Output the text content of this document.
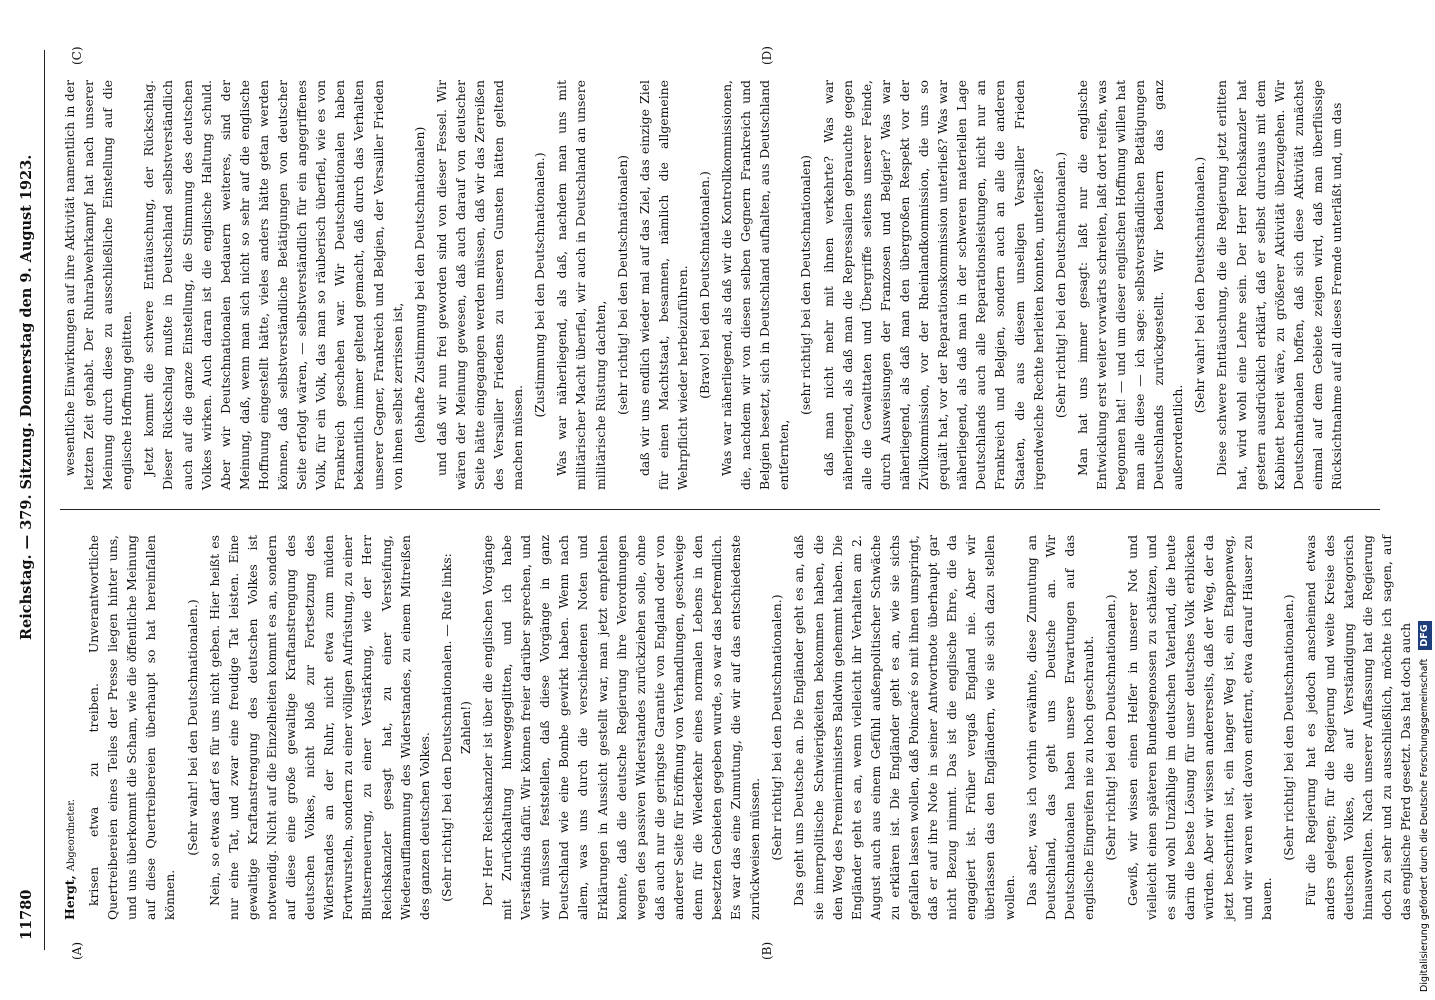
11780
Reichstag. — 379. Sitzung. Donnerstag den 9. August 1923.
(A)	(B)
(C)	(D)

Hergt, Abgeordneter. krisen etwa zu treiben. Unverantwortliche Quertreibereien eines Teiles der Presse liegen hinter uns, und uns überkommt die Scham, wie die öffentliche Meinung auf diese Quertreibereien überhaupt so hat hereinfallen können.

(Sehr wahr! bei den Deutschnationalen.) Nein, so etwas darf es für uns nicht geben. Hier heißt es nur eine Tat, und zwar eine freudige Tat leisten. Eine gewaltige Kraftanstrengung des deutschen Volkes ist notwendig. Nicht auf die Einzelheiten kommt es an, sondern auf diese eine große gewaltige Kraftanstrengung des deutschen Volkes, nicht bloß zur Fortsetzung des Widerstandes an der Ruhr, nicht etwa zum müden Fortwursteln, sondern zu einer völligen Aufrüstung, zu einer Blutserneuerung, zu einer Verstärkung, wie der Herr Reichskanzler gesagt hat, zu einer Versteifung, Wiederaufflammung des Widerstandes, zu einem Mitreißen des ganzen deutschen Volkes. (Sehr richtig! bei den Deutschnationalen. — Rufe links: Zahlen!) Der Herr Reichskanzler ist über die englischen Vorgänge mit Zurückhaltung hinweggeglitten, und ich habe Verständnis dafür. Wir können freier darüber sprechen, und wir müssen feststellen, daß diese Vorgänge in ganz Deutschland wie eine Bombe gewirkt haben. Wenn nach allem, was uns durch die verschiedenen Noten und Erklärungen in Aussicht gestellt war, man jetzt empfehlen konnte, daß die deutsche Regierung ihre Verordnungen wegen des passiven Widerstandes zurückziehen solle, ohne daß auch nur die geringste Garantie von England oder von anderer Seite für Eröffnung von Verhandlungen, geschweige denn für die Wiederkehr eines normalen Lebens in den besetzten Gebieten gegeben wurde, so war das befremdlich. Es war das eine Zumutung, die wir auf das entschiedenste zurückweisen müssen. (Sehr richtig! bei den Deutschnationalen.) Das geht uns Deutsche an. Die Engländer geht es an, daß sie innerpolitische Schwierigkeiten bekommen haben, die den Weg des Premierministers Baldwin gehemmt haben. Die Engländer geht es an, wenn vielleicht ihr Verhalten am 2. August auch aus einem Gefühl außenpolitischer Schwäche zu erklären ist. Die Engländer geht es an, wie sie sichs gefallen lassen wollen, daß Poincaré so mit ihnen umspringt, daß er auf ihre Note in seiner Antwortnote überhaupt gar nicht Bezug nimmt. Das ist die englische Ehre, die da engagiert ist. Früher vergaß England nie. Aber wir überlassen das den Engländern, wie sie sich dazu stellen wollen. Das aber, was ich vorhin erwähnte, diese Zumutung an Deutschland, das geht uns Deutsche an. Wir Deutschnationalen haben unsere Erwartungen auf das englische Eingreifen nie zu hoch geschraubt. (Sehr richtig! bei den Deutschnationalen.) Gewiß, wir wissen einen Helfer in unserer Not und vielleicht einen späteren Bundesgenossen zu schätzen, und es sind wohl Unzählige im deutschen Vaterland, die heute darin die beste Lösung für unser deutsches Volk erblicken würden. Aber wir wissen andererseits, daß der Weg, der da jetzt beschritten ist, ein langer Weg ist, ein Etappenweg, und wir waren weit davon entfernt, etwa darauf Häuser zu bauen.

(Sehr richtig! bei den Deutschnationalen.) Für die Regierung hat es jedoch anscheinend etwas anders gelegen; für die Regierung und weite Kreise des deutschen Volkes, die auf Verständigung kategorisch hinauswollten. Nach unserer Auffassung hat die Regierung doch zu sehr und zu ausschließlich, möchte ich sagen, auf das englische Pferd gesetzt. Das hat doch auch

wesentliche Einwirkungen auf ihre Aktivität namentlich in der letzten Zeit gehabt. Der Ruhrabwehrkampf hat nach unserer Meinung durch diese zu ausschließliche Einstellung auf die englische Hoffnung gelitten. Jetzt kommt die schwere Enttäuschung, der Rückschlag. Dieser Rückschlag mußte in Deutschland selbstverständlich auch auf die ganze Einstellung, die Stimmung des deutschen Volkes wirken. Auch daran ist die englische Haltung schuld. Aber wir Deutschnationalen bedauern weiteres, sind der Meinung, daß, wenn man sich nicht so sehr auf die englische Hoffnung eingestellt hätte, vieles anders hätte getan werden können, daß selbstverständliche Betätigungen von deutscher Seite erfolgt wären, — selbstverständlich für ein angegriffenes Volk, für ein Volk, das man so räuberisch überfiel, wie es von Frankreich geschehen war. Wir Deutschnationalen haben bekanntlich immer geltend gemacht, daß durch das Verhalten unserer Gegner, Frankreich und Belgien, der Versailler Frieden von ihnen selbst zerrissen ist, (lebhafte Zustimmung bei den Deutschnationalen) und daß wir nun frei geworden sind von dieser Fessel. Wir wären der Meinung gewesen, daß auch darauf von deutscher Seite hätte eingegangen werden müssen, daß wir das Zerreißen des Versailler Friedens zu unseren Gunsten hätten geltend machen müssen.

(Zustimmung bei den Deutschnationalen.) Was war näherliegend, als daß, nachdem man uns mit militärischer Macht überfiel, wir auch in Deutschland an unsere militärische Rüstung dachten, (sehr richtig! bei den Deutschnationalen) daß wir uns endlich wieder mal auf das Ziel, das einzige Ziel für einen Machtstaat, besannen, nämlich die allgemeine Wehrpflicht wieder herbeizuführen. (Bravo! bei den Deutschnationalen.) Was war näherliegend, als daß wir die Kontrollkommissionen, die, nachdem wir von diesen selben Gegnern Frankreich und Belgien besetzt, sich in Deutschland aufhalten, aus Deutschland entfernten,

(sehr richtig! bei den Deutschnationalen) daß man nicht mehr mit ihnen verkehrte? Was war näherliegend, als daß man die Repressalien gebrauchte gegen alle die Gewalttaten und Übergriffe seitens unserer Feinde, durch Ausweisungen der Franzosen und Belgier? Was war näherliegend, als daß man den übergroßen Respekt vor der Zivilkommission, vor der Rheinlandkommission, die uns so gequält hat, vor der Reparationskommission unterließ? Was war näherliegend, als daß man in der schweren materiellen Lage Deutschlands auch alle Reparationsleistungen, nicht nur an Frankreich und Belgien, sondern auch an alle die anderen Staaten, die aus diesem unseligen Versailler Frieden irgendwelche Rechte herleiten konnten, unterließ? (Sehr richtig! bei den Deutschnationalen.) Man hat uns immer gesagt: laßt nur die englische Entwicklung erst weiter vorwärts schreiten, laßt dort reifen, was begonnen hat! — und um dieser englischen Hoffnung willen hat man alle diese — ich sage: selbstverständlichen Betätigungen Deutschlands zurückgestellt. Wir bedauern das ganz außerordentlich.

(Sehr wahr! bei den Deutschnationalen.) Diese schwere Enttäuschung, die die Regierung jetzt erlitten hat, wird wohl eine Lehre sein. Der Herr Reichskanzler hat gestern ausdrücklich erklärt, daß er selbst durchaus mit dem Kabinett bereit wäre, zu größerer Aktivität überzugehen. Wir Deutschnationalen hoffen, daß sich diese Aktivität zunächst einmal auf dem Gebiete zeigen wird, daß man überflüssige Rücksichtnahme auf all dieses Fremde unterläßt und, um das

Digitalisierung gefördert durch die Deutsche Forschungsgemeinschaft DFG
